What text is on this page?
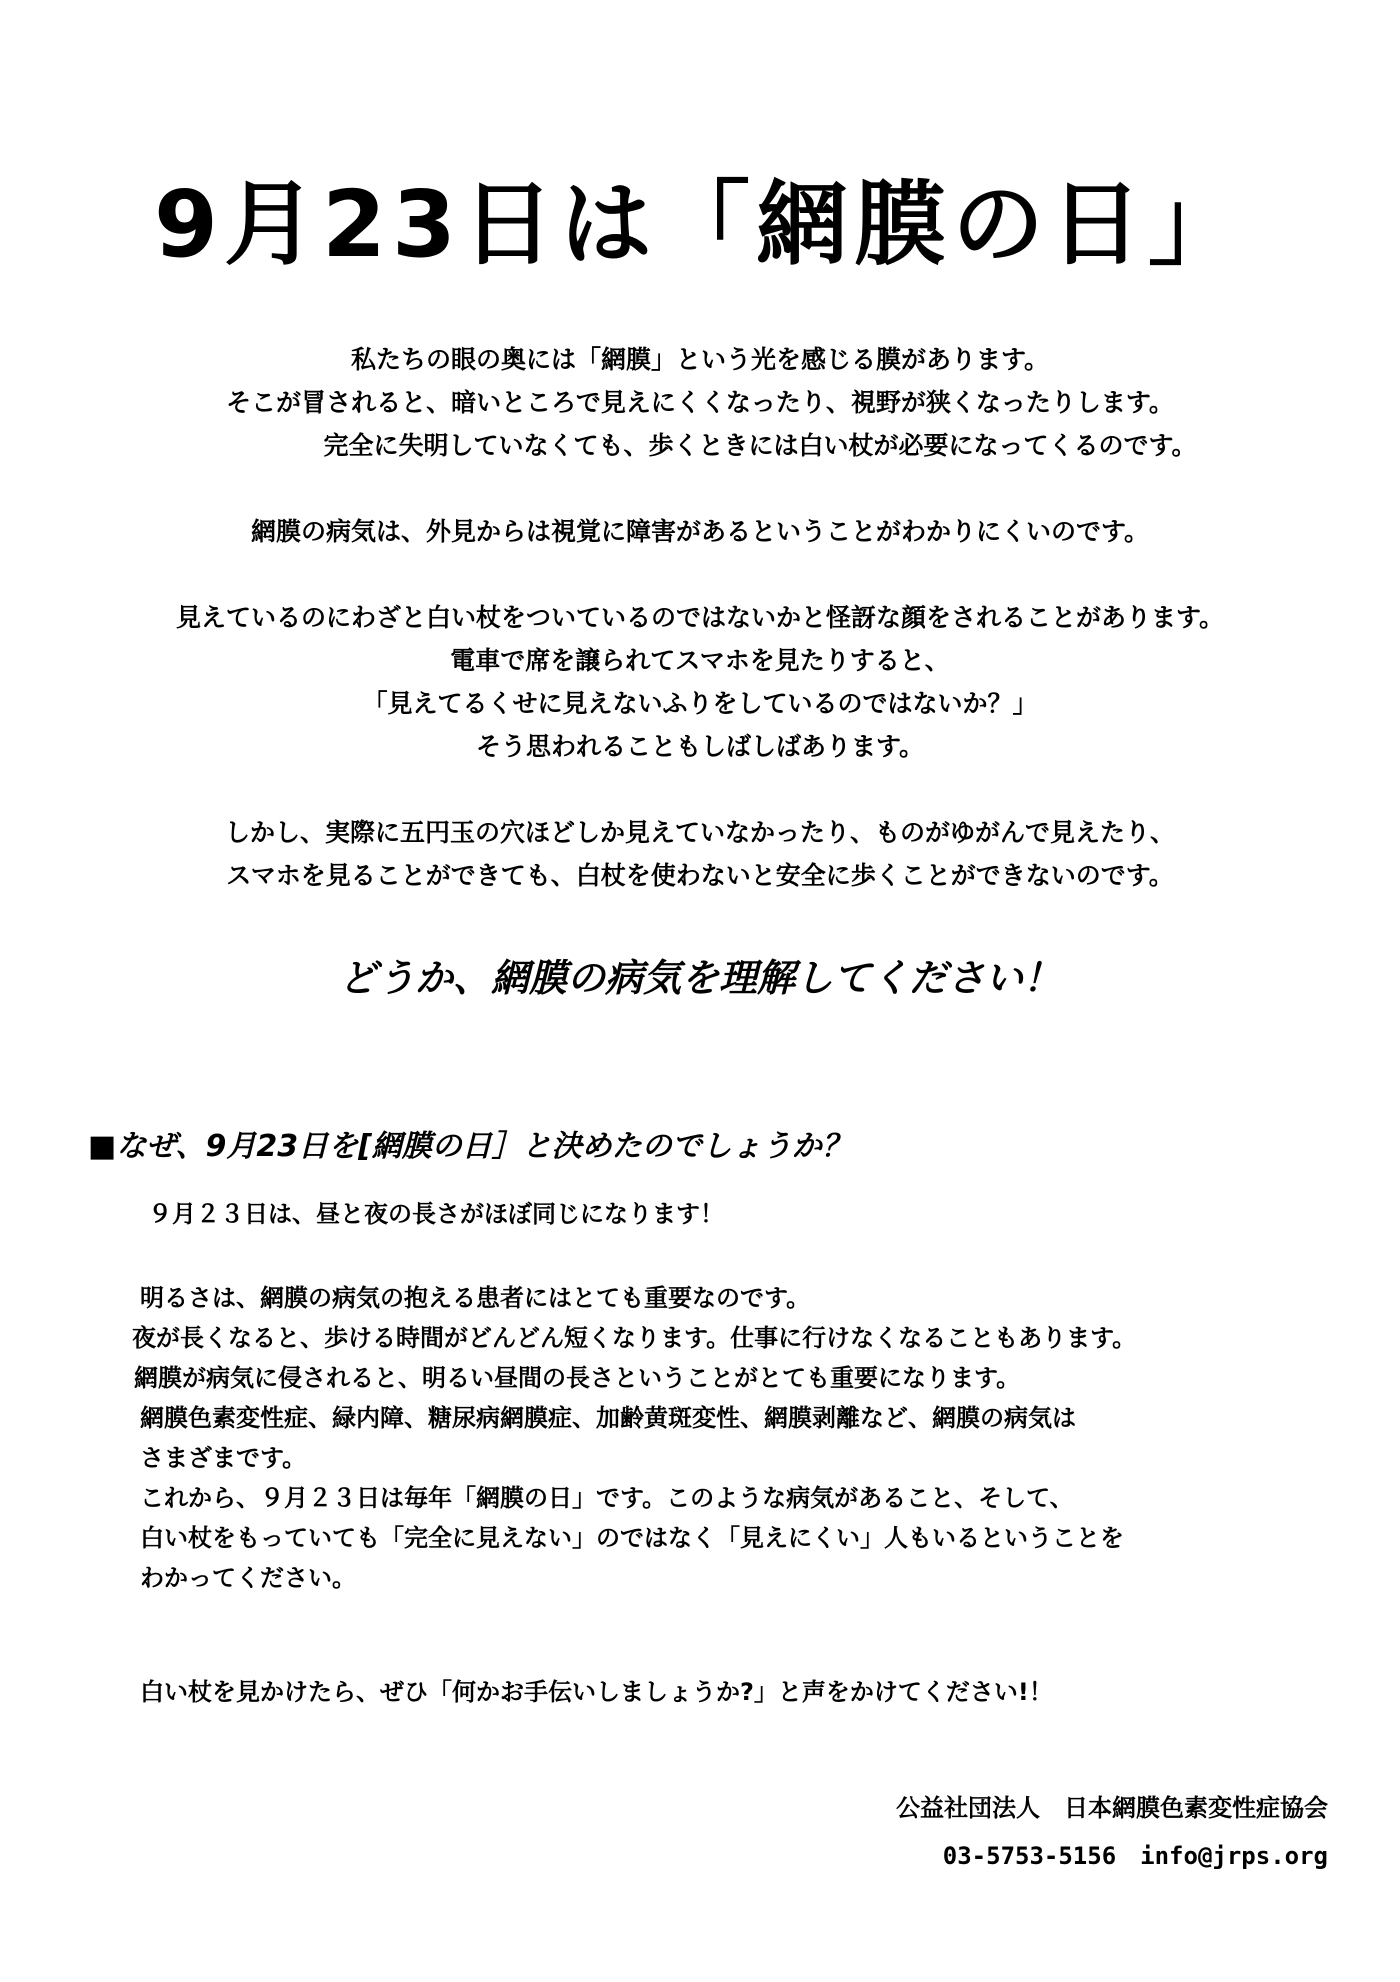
9月23日は「網膜の日」
私たちの眼の奥には「網膜」という光を感じる膜があります。
そこが冒されると、暗いところで見えにくくなったり、視野が狭くなったりします。
完全に失明していなくても、歩くときには白い杖が必要になってくるのです。
網膜の病気は、外見からは視覚に障害があるということがわかりにくいのです。
見えているのにわざと白い杖をついているのではないかと怪訝な顔をされることがあります。
電車で席を譲られてスマホを見たりすると、
「見えてるくせに見えないふりをしているのではないか？」
そう思われることもしばしばあります。
しかし、実際に五円玉の穴ほどしか見えていなかったり、ものがゆがんで見えたり、
スマホを見ることができても、白杖を使わないと安全に歩くことができないのです。
どうか、網膜の病気を理解してください！
■なぜ、9月23日を[網膜の日］と決めたのでしょうか？
９月２３日は、昼と夜の長さがほぼ同じになります！
明るさは、網膜の病気の抱える患者にはとても重要なのです。
夜が長くなると、歩ける時間がどんどん短くなります。仕事に行けなくなることもあります。
網膜が病気に侵されると、明るい昼間の長さということがとても重要になります。
網膜色素変性症、緑内障、糖尿病網膜症、加齢黄斑変性、網膜剥離など、網膜の病気は
さまざまです。
これから、９月２３日は毎年「網膜の日」です。このような病気があること、そして、
白い杖をもっていても「完全に見えない」のではなく「見えにくい」人もいるということを
わかってください。
白い杖を見かけたら、ぜひ「何かお手伝いしましょうか?」と声をかけてください!！
公益社団法人　日本網膜色素変性症協会
03-5753-5156　info@jrps.org
